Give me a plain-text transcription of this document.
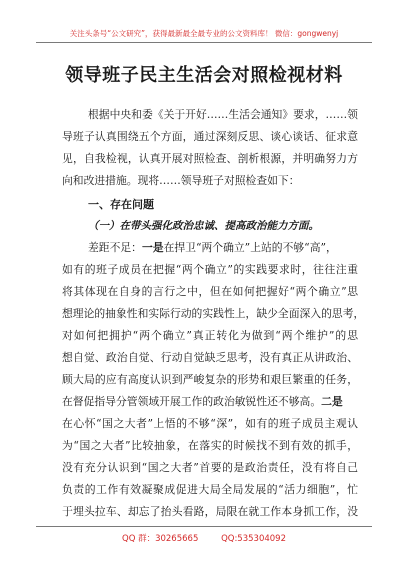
关注头条号“公文研究”，获得最新最全最专业的公文资料库！ 微信：gongwenyj
领导班子民主生活会对照检视材料
根据中央和委《关于开好……生活会通知》要求，……领
导班子认真围绕五个方面，通过深刻反思、谈心谈话、征求意
见，自我检视，认真开展对照检查、剖析根源，并明确努力方
向和改进措施。现将……领导班子对照检查如下：
一、存在问题
（一）在带头强化政治忠诚、提高政治能力方面。
差距不足：一是在捍卫“两个确立”上站的不够“高”，
如有的班子成员在把握“两个确立”的实践要求时，往往注重
将其体现在自身的言行之中，但在如何把握好“两个确立”思
想理论的抽象性和实际行动的实践性上，缺少全面深入的思考，
对如何把拥护“两个确立”真正转化为做到“两个维护”的思
想自觉、政治自觉、行动自觉缺乏思考，没有真正从讲政治、
顾大局的应有高度认识到严峻复杂的形势和艰巨繁重的任务，
在督促指导分管领域开展工作的政治敏锐性还不够高。二是
在心怀“国之大者”上悟的不够“深”，如有的班子成员主观认
为“国之大者”比较抽象，在落实的时候找不到有效的抓手，
没有充分认识到“国之大者”首要的是政治责任，没有将自己
负责的工作有效凝聚成促进大局全局发展的“活力细胞”，忙
于埋头拉车、却忘了抬头看路，局限在就工作本身抓工作，没
QQ 群：30265665	QQ:535304092
